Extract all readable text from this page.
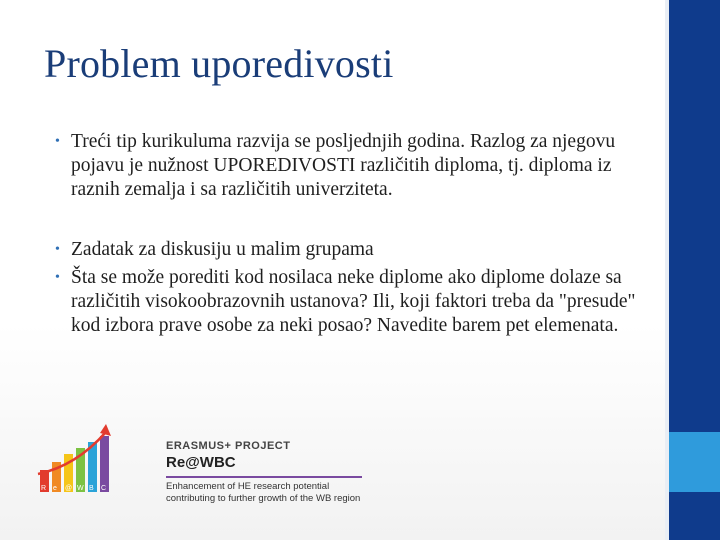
Problem uporedivosti
• Treći tip kurikuluma razvija se posljednjih godina. Razlog za njegovu pojavu je nužnost UPOREDIVOSTI različitih diploma, tj. diploma iz raznih zemalja i sa različitih univerziteta.
• Zadatak za diskusiju u malim grupama
• Šta se može porediti kod nosilaca neke diplome ako diplome dolaze sa različitih visokoobrazovnih ustanova? Ili, koji faktori treba da "presude" kod izbora prave osobe za neki posao? Navedite barem pet elemenata.
R e @ W B C
ERASMUS+ PROJECT
Re@WBC
Enhancement of HE research potential
contributing to further growth of the WB region
